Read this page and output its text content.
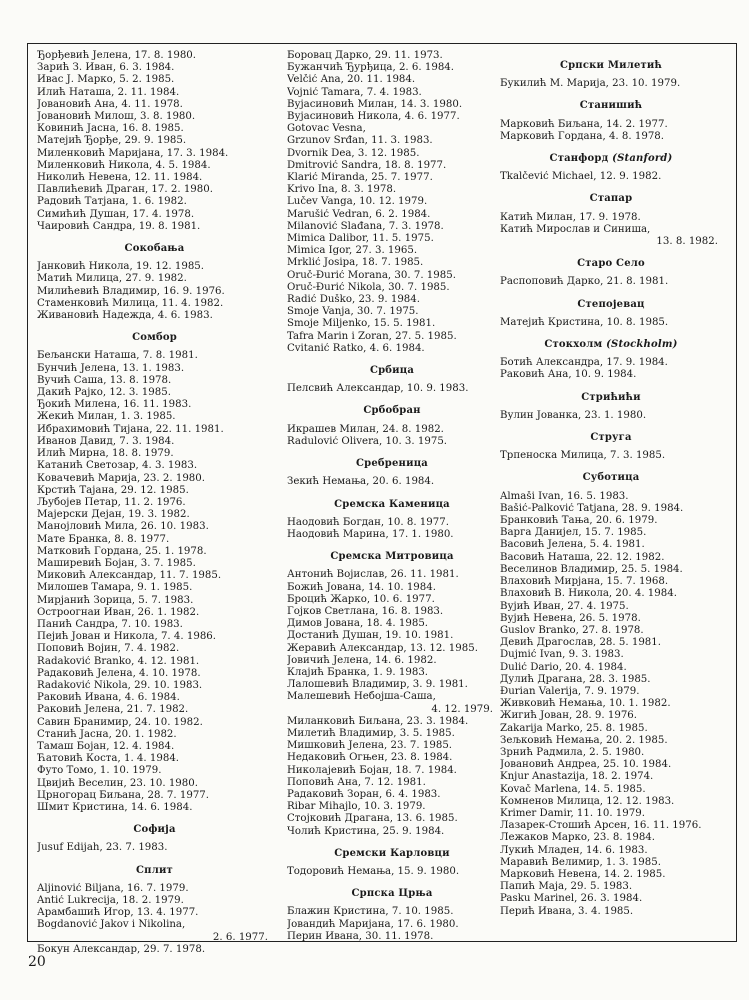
Ђорђевић Јелена, 17. 8. 1980.
Зарић З. Иван, 6. 3. 1984.
Ивас Ј. Марко, 5. 2. 1985.
Илић Наташа, 2. 11. 1984.
Јовановић Ана, 4. 11. 1978.
Јовановић Милош, 3. 8. 1980.
Ковинић Јасна, 16. 8. 1985.
Матејић Ђорђе, 29. 9. 1985.
Миленковић Маријана, 17. 3. 1984.
Миленковић Никола, 4. 5. 1984.
Николић Невена, 12. 11. 1984.
Павлићевић Драган, 17. 2. 1980.
Радовић Татјана, 1. 6. 1982.
Симићић Душан, 17. 4. 1978.
Чаировић Сандра, 19. 8. 1981.
Сокобања
Јанковић Никола, 19. 12. 1985.
Матић Милица, 27. 9. 1982.
Милићевић Владимир, 16. 9. 1976.
Стаменковић Милица, 11. 4. 1982.
Живановић Надежда, 4. 6. 1983.
Сомбор
Бељански Наташа, 7. 8. 1981.
Бунчић Јелена, 13. 1. 1983.
Вучић Саша, 13. 8. 1978.
Дакић Рајко, 12. 3. 1985.
Ђокић Милена, 16. 11. 1983.
Жекић Милан, 1. 3. 1985.
Ибрахимовић Тијана, 22. 11. 1981.
Иванов Давид, 7. 3. 1984.
Илић Мирна, 18. 8. 1979.
Катанић Светозар, 4. 3. 1983.
Ковачевић Марија, 23. 2. 1980.
Крстић Тајана, 29. 12. 1985.
Љубојев Петар, 11. 2. 1976.
Мајерски Дејан, 19. 3. 1982.
Манојловић Мила, 26. 10. 1983.
Мате Бранка, 8. 8. 1977.
Матковић Гордана, 25. 1. 1978.
Маширевић Бојан, 3. 7. 1985.
Миковић Александар, 11. 7. 1985.
Милошев Тамара, 9. 1. 1985.
Мирјанић Зорица, 5. 7. 1983.
Остроогнаи Иван, 26. 1. 1982.
Панић Сандра, 7. 10. 1983.
Пејић Јован и Никола, 7. 4. 1986.
Поповић Војин, 7. 4. 1982.
Radaković Branko, 4. 12. 1981.
Радаковић Јелена, 4. 10. 1978.
Radaković Nikola, 29. 10. 1983.
Раковић Ивана, 4. 6. 1984.
Раковић Јелена, 21. 7. 1982.
Савин Бранимир, 24. 10. 1982.
Станић Јасна, 20. 1. 1982.
Тамаш Бојан, 12. 4. 1984.
Ћатовић Коста, 1. 4. 1984.
Футо Томо, 1. 10. 1979.
Цвијић Веселин, 23. 10. 1980.
Црногорац Биљана, 28. 7. 1977.
Шмит Кристина, 14. 6. 1984.
Софија
Jusuf Edijah, 23. 7. 1983.
Сплит
Aljinović Biljana, 16. 7. 1979.
Antić Lukrecija, 18. 2. 1979.
Арамбашић Игор, 13. 4. 1977.
Bogdanović Jakov i Nikolina,
2. 6. 1977.
Бокун Александар, 29. 7. 1978.
Боровац Дарко, 29. 11. 1973.
Бужанчић Ђурђица, 2. 6. 1984.
Velčić Ana, 20. 11. 1984.
Vojnić Tamara, 7. 4. 1983.
Вујасиновић Милан, 14. 3. 1980.
Вујасиновић Никола, 4. 6. 1977.
Gotovac Vesna,
Grzunov Srđan, 11. 3. 1983.
Dvornik Dea, 3. 12. 1985.
Dmitrović Sandra, 18. 8. 1977.
Klarić Miranda, 25. 7. 1977.
Krivo Ina, 8. 3. 1978.
Lučev Vanga, 10. 12. 1979.
Marušić Vedran, 6. 2. 1984.
Milanović Slađana, 7. 3. 1978.
Mimica Dalibor, 11. 5. 1975.
Mimica Igor, 27. 3. 1965.
Mrklić Josipa, 18. 7. 1985.
Oruč-Đurić Morana, 30. 7. 1985.
Oruč-Đurić Nikola, 30. 7. 1985.
Radić Duško, 23. 9. 1984.
Smoje Vanja, 30. 7. 1975.
Smoje Miljenko, 15. 5. 1981.
Tafra Marin i Zoran, 27. 5. 1985.
Cvitanić Ratko, 4. 6. 1984.
Србица
Пелсвић Александар, 10. 9. 1983.
Србобран
Икрашев Милан, 24. 8. 1982.
Radulović Olivera, 10. 3. 1975.
Сребреница
Зекић Немања, 20. 6. 1984.
Сремска Каменица
Наодовић Богдан, 10. 8. 1977.
Наодовић Марина, 17. 1. 1980.
Сремска Митровица
Антонић Војислав, 26. 11. 1981.
Божић Јована, 14. 10. 1984.
Броцић Жарко, 10. 6. 1977.
Гојков Светлана, 16. 8. 1983.
Димов Јована, 18. 4. 1985.
Достанић Душан, 19. 10. 1981.
Жеравић Александар, 13. 12. 1985.
Јовичић Јелена, 14. 6. 1982.
Клајић Бранка, 1. 9. 1983.
Лалошевић Владимир, 3. 9. 1981.
Малешевић Небојша-Саша,
4. 12. 1979.
Миланковић Биљана, 23. 3. 1984.
Милетић Владимир, 3. 5. 1985.
Мишковић Јелена, 23. 7. 1985.
Недаковић Огњен, 23. 8. 1984.
Николајевић Бојан, 18. 7. 1984.
Поповић Ана, 7. 12. 1981.
Радаковић Зоран, 6. 4. 1983.
Ribar Mihajlo, 10. 3. 1979.
Стојковић Драгана, 13. 6. 1985.
Чолић Кристина, 25. 9. 1984.
Сремски Карловци
Тодоровић Немања, 15. 9. 1980.
Српска Црња
Блажин Кристина, 7. 10. 1985.
Јовандић Маријана, 17. 6. 1980.
Перин Ивана, 30. 11. 1978.
Српски Милетић
Букилић М. Марија, 23. 10. 1979.
Станишић
Марковић Биљана, 14. 2. 1977.
Марковић Гордана, 4. 8. 1978.
Станфорд (Stanford)
Tkalčević Michael, 12. 9. 1982.
Стапар
Катић Милан, 17. 9. 1978.
Катић Мирослав и Синиша,
13. 8. 1982.
Старо Село
Распоповић Дарко, 21. 8. 1981.
Степојевац
Матејић Кристина, 10. 8. 1985.
Стокхолм (Stockholm)
Ботић Александра, 17. 9. 1984.
Раковић Ана, 10. 9. 1984.
Стрићићи
Вулин Јованка, 23. 1. 1980.
Струга
Трпеноска Милица, 7. 3. 1985.
Суботица
Almaši Ivan, 16. 5. 1983.
Bašić-Palković Tatjana, 28. 9. 1984.
Бранковић Тања, 20. 6. 1979.
Варга Данијел, 15. 7. 1985.
Васовић Јелена, 5. 4. 1981.
Васовић Наташа, 22. 12. 1982.
Веселинов Владимир, 25. 5. 1984.
Влаховић Мирјана, 15. 7. 1968.
Влаховић В. Никола, 20. 4. 1984.
Вујић Иван, 27. 4. 1975.
Вујић Невена, 26. 5. 1978.
Guslov Branko, 27. 8. 1978.
Девић Драгослав, 28. 5. 1981.
Dujmić Ivan, 9. 3. 1983.
Dulić Dario, 20. 4. 1984.
Дулић Драгана, 28. 3. 1985.
Đurian Valerija, 7. 9. 1979.
Живковић Немања, 10. 1. 1982.
Жигић Јован, 28. 9. 1976.
Zakarija Marko, 25. 8. 1985.
Зељковић Немања, 20. 2. 1985.
Зрнић Радмила, 2. 5. 1980.
Јовановић Андреа, 25. 10. 1984.
Knjur Anastazija, 18. 2. 1974.
Kovač Marlena, 14. 5. 1985.
Комненов Милица, 12. 12. 1983.
Krimer Damir, 11. 10. 1979.
Лазарек-Стошић Арсен, 16. 11. 1976.
Лежаков Марко, 23. 8. 1984.
Лукић Младен, 14. 6. 1983.
Маравић Велимир, 1. 3. 1985.
Марковић Невена, 14. 2. 1985.
Папић Маја, 29. 5. 1983.
Pasku Marinel, 26. 3. 1984.
Перић Ивана, 3. 4. 1985.
20
